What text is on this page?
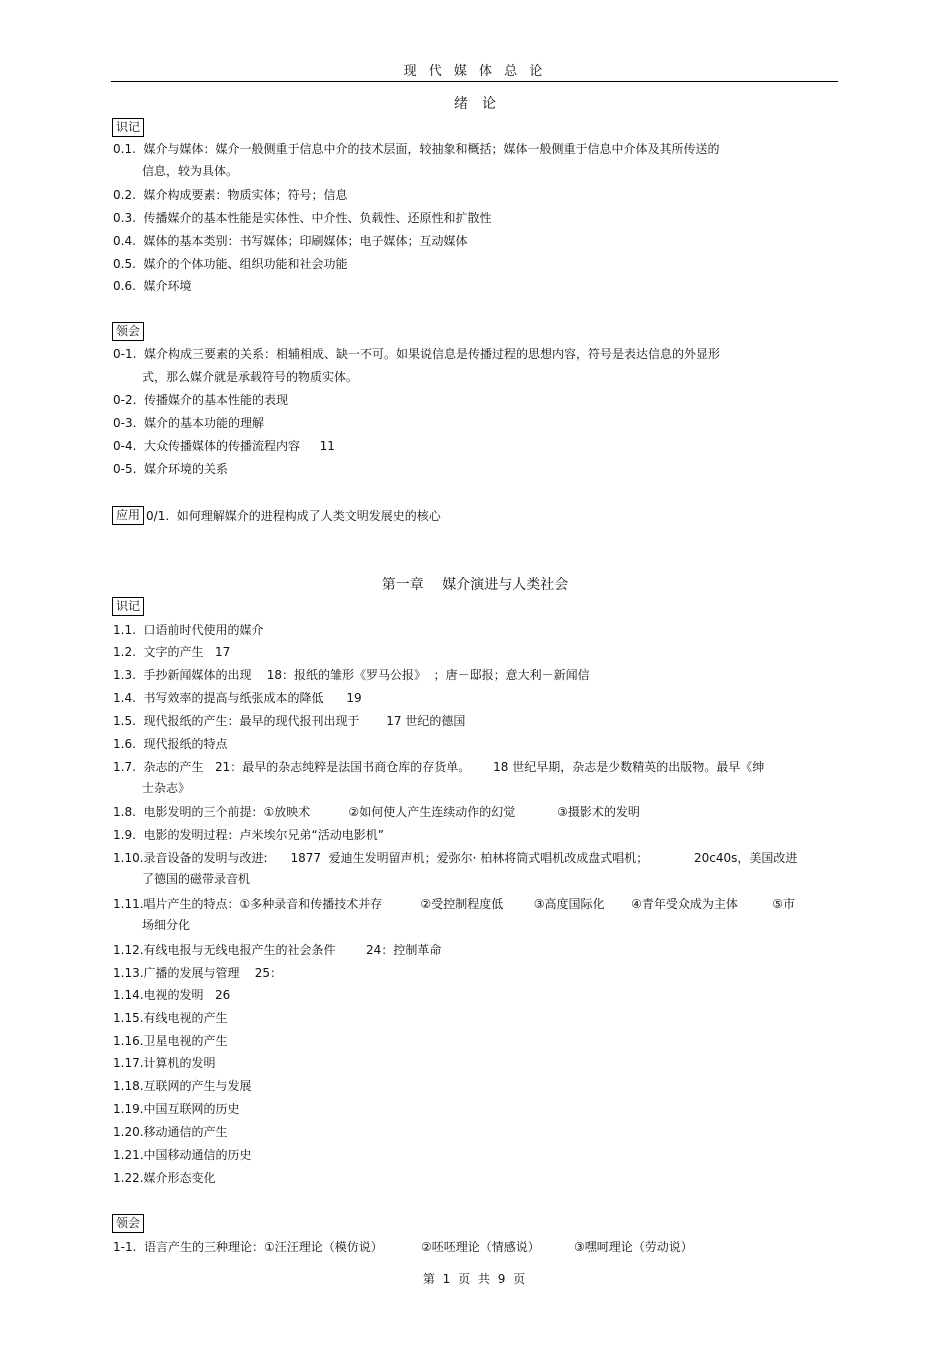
现 代 媒 体 总 论
绪　论
识记
0.1.  媒介与媒体：媒介一般侧重于信息中介的技术层面，较抽象和概括；媒体一般侧重于信息中介体及其所传送的
信息，较为具体。
0.2.  媒介构成要素：物质实体；符号；信息
0.3.  传播媒介的基本性能是实体性、中介性、负载性、还原性和扩散性
0.4.  媒体的基本类别：书写媒体；印刷媒体；电子媒体；互动媒体
0.5.  媒介的个体功能、组织功能和社会功能
0.6.  媒介环境
领会
0-1.  媒介构成三要素的关系：相辅相成、缺一不可。如果说信息是传播过程的思想内容，符号是表达信息的外显形
式，那么媒介就是承载符号的物质实体。
0-2.  传播媒介的基本性能的表现
0-3.  媒介的基本功能的理解
0-4.  大众传播媒体的传播流程内容　  11
0-5.  媒介环境的关系
应用 0/1.  如何理解媒介的进程构成了人类文明发展史的核心
第一章　 媒介演进与人类社会
识记
1.1.  口语前时代使用的媒介
1.2.  文字的产生   17
1.3.  手抄新闻媒体的出现    18：报纸的雏形《罗马公报》  ；唐－邸报；意大利－新闻信
1.4.  书写效率的提高与纸张成本的降低      19
1.5.  现代报纸的产生：最早的现代报刊出现于       17 世纪的德国
1.6.  现代报纸的特点
1.7.  杂志的产生   21：最早的杂志纯粹是法国书商仓库的存货单。      18 世纪早期，杂志是少数精英的出版物。最早《绅
士杂志》
1.8.  电影发明的三个前提：①放映术          ②如何使人产生连续动作的幻觉           ③摄影术的发明
1.9.  电影的发明过程：卢米埃尔兄弟“活动电影机”
1.10.录音设备的发明与改进:      1877  爱迪生发明留声机；爱弥尔· 柏林将筒式唱机改成盘式唱机；            20c40s，美国改进
了德国的磁带录音机
1.11.唱片产生的特点：①多种录音和传播技术并存          ②受控制程度低        ③高度国际化       ④青年受众成为主体         ⑤市
场细分化
1.12.有线电报与无线电报产生的社会条件        24：控制革命
1.13.广播的发展与管理    25：
1.14.电视的发明   26
1.15.有线电视的产生
1.16.卫星电视的产生
1.17.计算机的发明
1.18.互联网的产生与发展
1.19.中国互联网的历史
1.20.移动通信的产生
1.21.中国移动通信的历史
1.22.媒介形态变化
领会
1-1.  语言产生的三种理论：①汪汪理论（模仿说）          ②呸呸理论（情感说）         ③嘿呵理论（劳动说）
第 1 页 共 9 页
